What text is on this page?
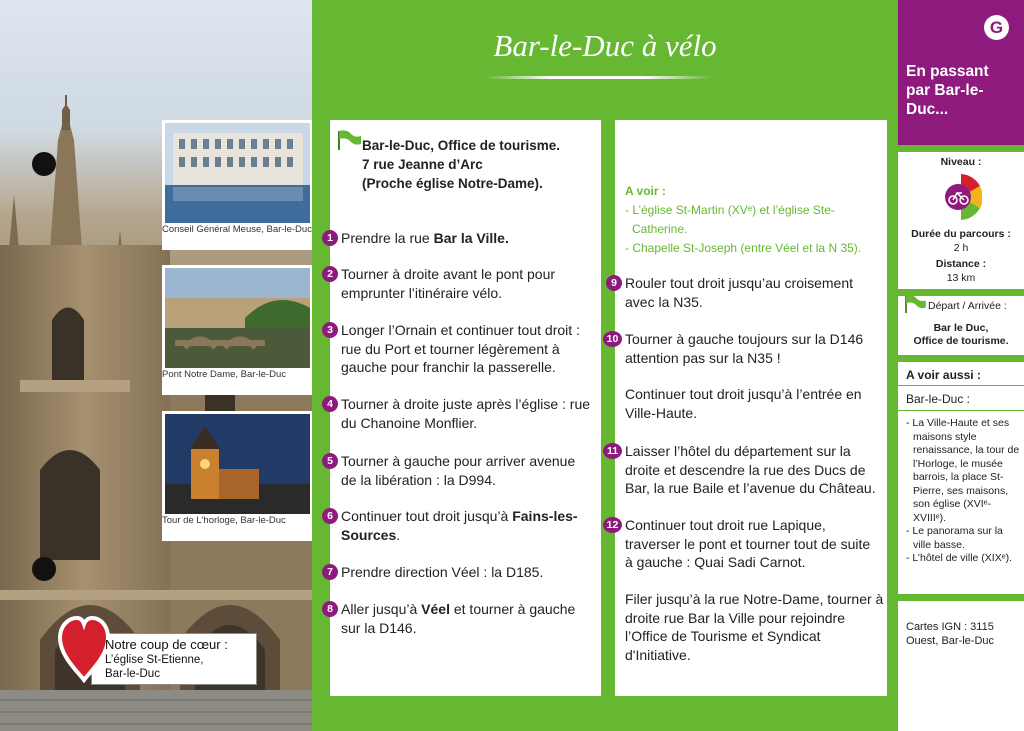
Conseil Général Meuse, Bar-le-Duc
Pont Notre Dame, Bar-le-Duc
Tour de L'horloge, Bar-le-Duc
Bar-le-Duc à vélo
Bar-le-Duc, Office de tourisme.
7 rue Jeanne d’Arc
(Proche église Notre-Dame).
1 Prendre la rue Bar la Ville.
2 Tourner à droite avant le pont pour emprunter l’itinéraire vélo.
3 Longer l’Ornain et continuer tout droit : rue du Port et tourner légèrement à gauche pour franchir la passerelle.
4 Tourner à droite juste après l’église : rue du Chanoine Monflier.
5 Tourner à gauche pour arriver avenue de la libération : la D994.
6 Continuer tout droit jusqu’à Fains-les-Sources.
7 Prendre direction Véel : la D185.
8 Aller jusqu’à Véel et tourner à gauche sur la D146.
A voir :
- L’église St-Martin (XVᵉ) et l’église Ste-
Catherine.
- Chapelle St-Joseph (entre Véel et la N 35).
9 Rouler tout droit jusqu’au croisement avec la N35.
10 Tourner à gauche toujours sur la D146 attention pas sur la N35 !
Continuer tout droit jusqu’à l’entrée en Ville-Haute.
11 Laisser l’hôtel du département sur la droite et descendre la rue des Ducs de Bar, la rue Baile et l’avenue du Château.
12 Continuer tout droit rue Lapique, traverser le pont et tourner tout de suite à gauche : Quai Sadi Carnot.
Filer jusqu’à la rue Notre-Dame, tourner à droite rue Bar la Ville pour rejoindre l’Office de Tourisme et Syndicat d'Initiative.
G
En passant par Bar-le-Duc...
Niveau :
Durée du parcours :
2 h
Distance :
13 km
Départ / Arrivée :
Bar le Duc,
Office de tourisme.
A voir aussi :
Bar-le-Duc :
- La Ville-Haute et ses maisons style renaissance, la tour de l’Horloge, le musée barrois, la place St-Pierre, ses maisons, son église (XVIᵉ-XVIIIᵉ).
- Le panorama sur la ville basse.
- L’hôtel de ville (XIXᵉ).
Cartes IGN : 3115 Ouest, Bar-le-Duc
Notre coup de cœur :
L’église St-Etienne,
Bar-le-Duc
